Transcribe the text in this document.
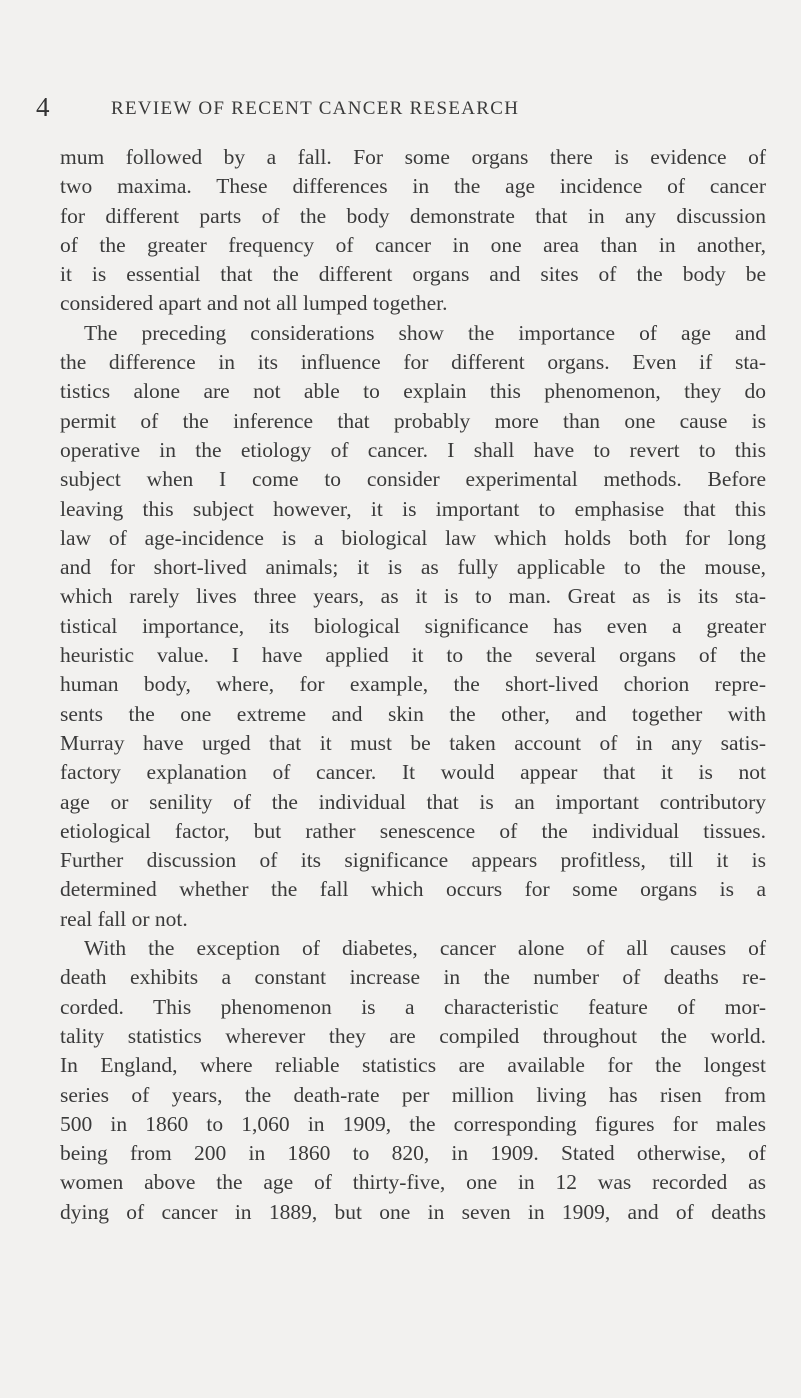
4	REVIEW OF RECENT CANCER RESEARCH
mum followed by a fall. For some organs there is evidence of
two maxima. These differences in the age incidence of cancer
for different parts of the body demonstrate that in any discussion
of the greater frequency of cancer in one area than in another,
it is essential that the different organs and sites of the body be
considered apart and not all lumped together.
The preceding considerations show the importance of age and
the difference in its influence for different organs. Even if sta-
tistics alone are not able to explain this phenomenon, they do
permit of the inference that probably more than one cause is
operative in the etiology of cancer. I shall have to revert to this
subject when I come to consider experimental methods. Before
leaving this subject however, it is important to emphasise that this
law of age-incidence is a biological law which holds both for long
and for short-lived animals; it is as fully applicable to the mouse,
which rarely lives three years, as it is to man. Great as is its sta-
tistical importance, its biological significance has even a greater
heuristic value. I have applied it to the several organs of the
human body, where, for example, the short-lived chorion repre-
sents the one extreme and skin the other, and together with
Murray have urged that it must be taken account of in any satis-
factory explanation of cancer. It would appear that it is not
age or senility of the individual that is an important contributory
etiological factor, but rather senescence of the individual tissues.
Further discussion of its significance appears profitless, till it is
determined whether the fall which occurs for some organs is a
real fall or not.
With the exception of diabetes, cancer alone of all causes of
death exhibits a constant increase in the number of deaths re-
corded. This phenomenon is a characteristic feature of mor-
tality statistics wherever they are compiled throughout the world.
In England, where reliable statistics are available for the longest
series of years, the death-rate per million living has risen from
500 in 1860 to 1,060 in 1909, the corresponding figures for males
being from 200 in 1860 to 820, in 1909. Stated otherwise, of
women above the age of thirty-five, one in 12 was recorded as
dying of cancer in 1889, but one in seven in 1909, and of deaths
